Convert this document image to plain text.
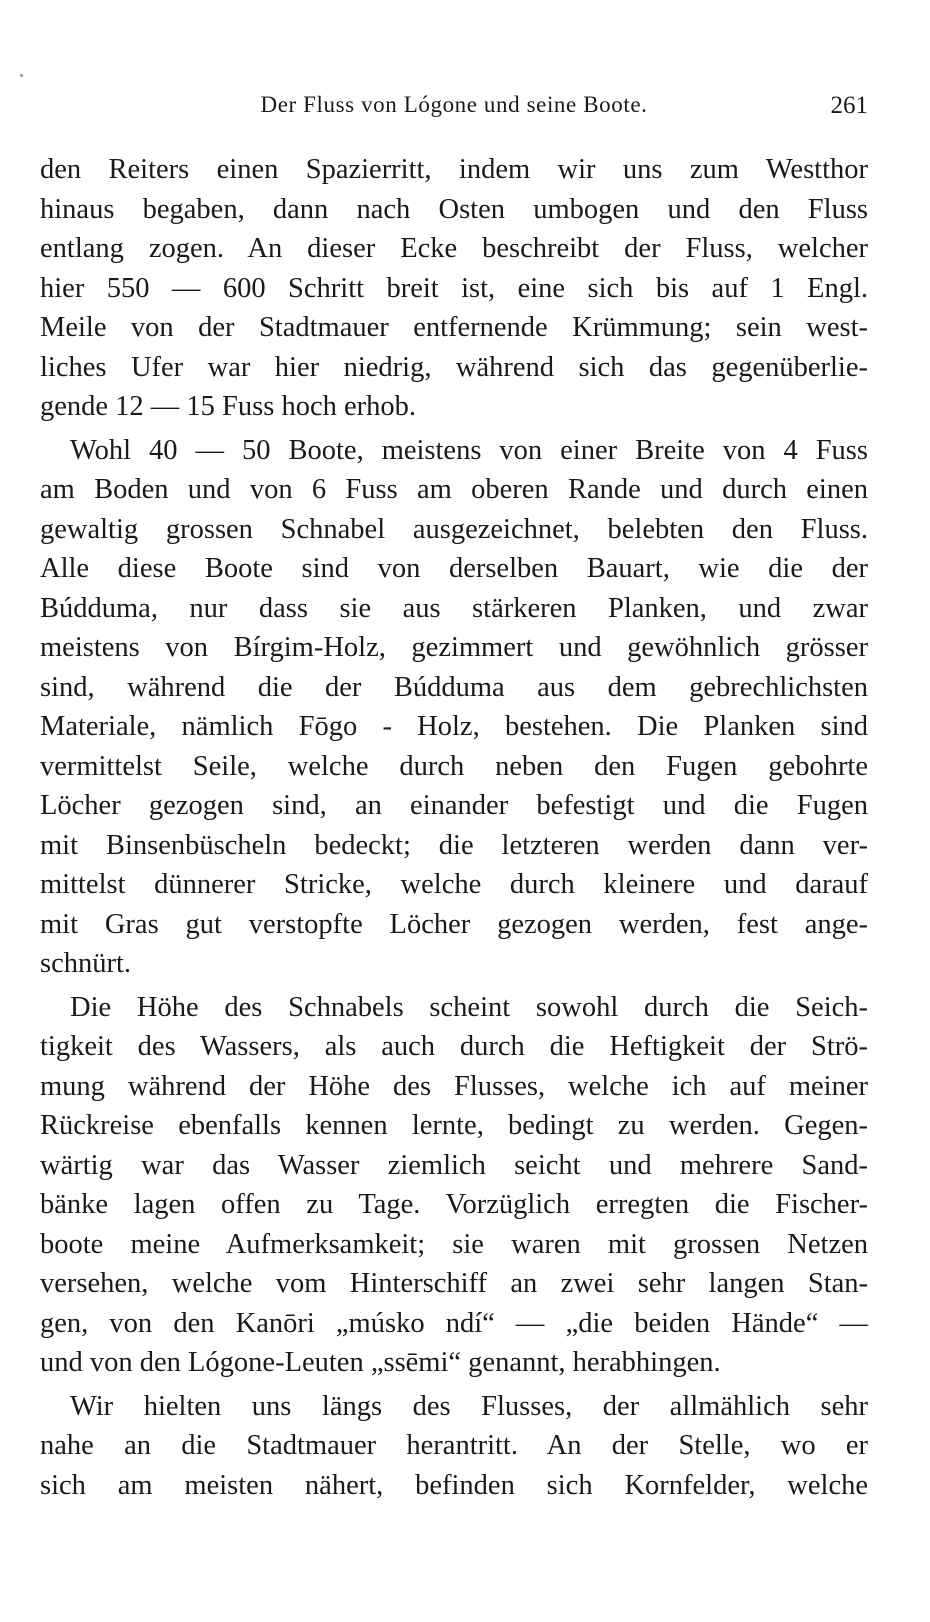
Der Fluss von Lógone und seine Boote.	261
den Reiters einen Spazierritt, indem wir uns zum Westthor
hinaus begaben, dann nach Osten umbogen und den Fluss
entlang zogen. An dieser Ecke beschreibt der Fluss, welcher
hier 550 — 600 Schritt breit ist, eine sich bis auf 1 Engl.
Meile von der Stadtmauer entfernende Krümmung; sein west-
liches Ufer war hier niedrig, während sich das gegenüberlie-
gende 12 — 15 Fuss hoch erhob.
Wohl 40 — 50 Boote, meistens von einer Breite von 4 Fuss
am Boden und von 6 Fuss am oberen Rande und durch einen
gewaltig grossen Schnabel ausgezeichnet, belebten den Fluss.
Alle diese Boote sind von derselben Bauart, wie die der
Búdduma, nur dass sie aus stärkeren Planken, und zwar
meistens von Bírgim-Holz, gezimmert und gewöhnlich grösser
sind, während die der Búdduma aus dem gebrechlichsten
Materiale, nämlich Fōgo - Holz, bestehen. Die Planken sind
vermittelst Seile, welche durch neben den Fugen gebohrte
Löcher gezogen sind, an einander befestigt und die Fugen
mit Binsenbüscheln bedeckt; die letzteren werden dann ver-
mittelst dünnerer Stricke, welche durch kleinere und darauf
mit Gras gut verstopfte Löcher gezogen werden, fest ange-
schnürt.
Die Höhe des Schnabels scheint sowohl durch die Seich-
tigkeit des Wassers, als auch durch die Heftigkeit der Strö-
mung während der Höhe des Flusses, welche ich auf meiner
Rückreise ebenfalls kennen lernte, bedingt zu werden. Gegen-
wärtig war das Wasser ziemlich seicht und mehrere Sand-
bänke lagen offen zu Tage. Vorzüglich erregten die Fischer-
boote meine Aufmerksamkeit; sie waren mit grossen Netzen
versehen, welche vom Hinterschiff an zwei sehr langen Stan-
gen, von den Kanōri „músko ndí“ — „die beiden Hände“ —
und von den Lógone-Leuten „ssēmi“ genannt, herabhingen.
Wir hielten uns längs des Flusses, der allmählich sehr
nahe an die Stadtmauer herantritt. An der Stelle, wo er
sich am meisten nähert, befinden sich Kornfelder, welche
